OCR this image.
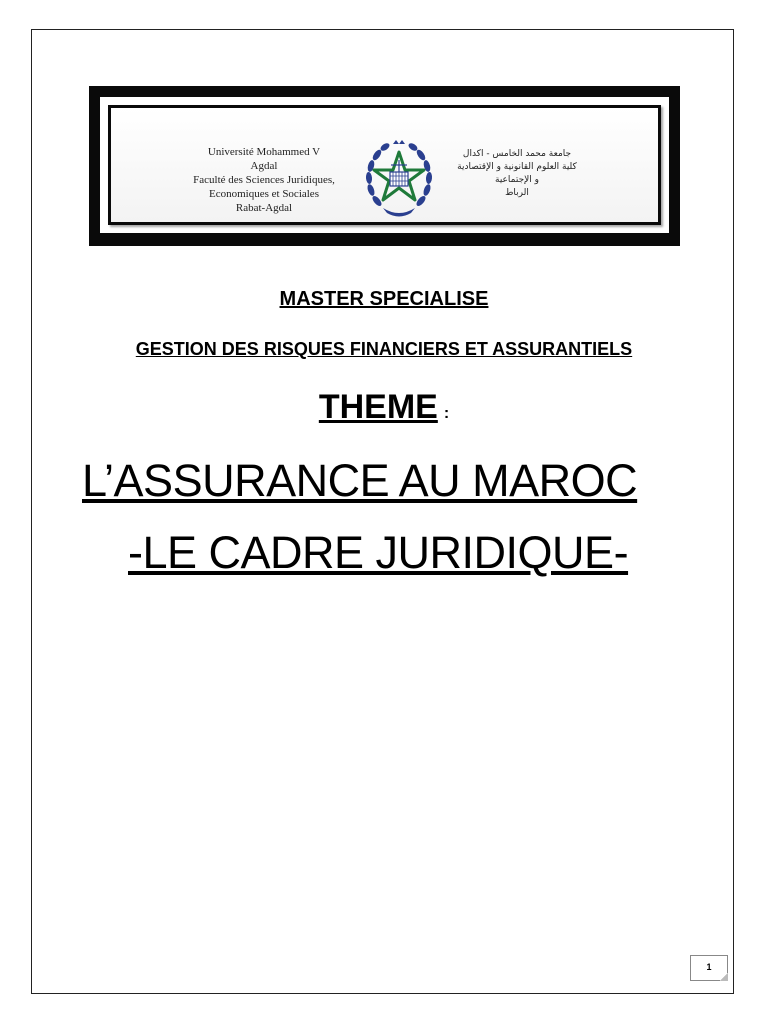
Université Mohammed V
Agdal
Faculté des Sciences Juridiques,
Economiques et Sociales
Rabat-Agdal
جامعة محمد الخامس - اكدال
كلية العلوم القانونية و الإقتصادية
و الإجتماعية
الرباط
MASTER SPECIALISE
GESTION DES RISQUES FINANCIERS ET ASSURANTIELS
THEME :
L’ASSURANCE AU MAROC
-LE CADRE JURIDIQUE-
1
